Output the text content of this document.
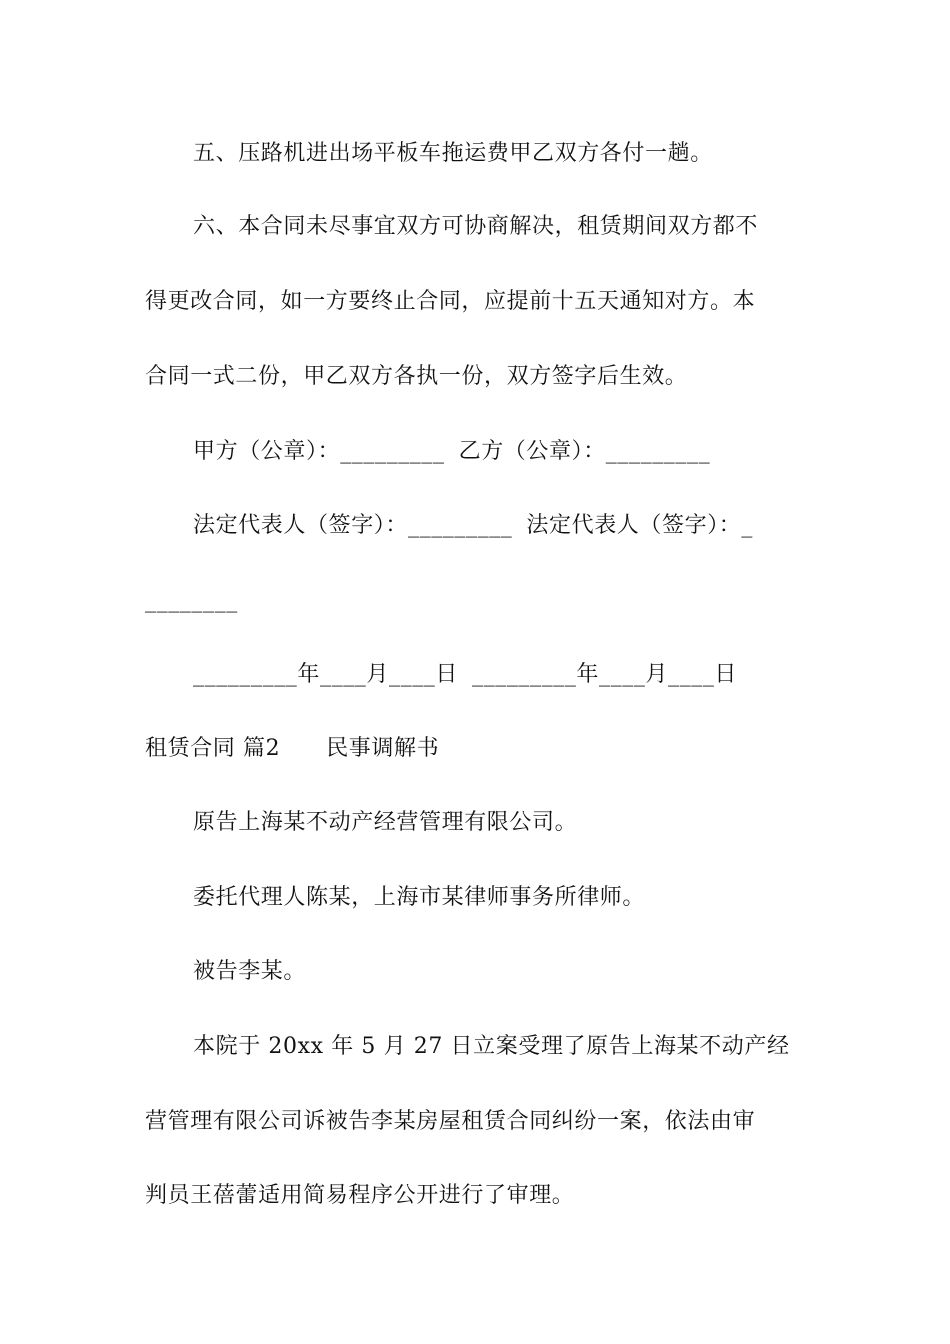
五、压路机进出场平板车拖运费甲乙双方各付一趟。
六、本合同未尽事宜双方可协商解决，租赁期间双方都不
得更改合同，如一方要终止合同，应提前十五天通知对方。本
合同一式二份，甲乙双方各执一份，双方签字后生效。
甲方（公章）：_________ 乙方（公章）：_________
法定代表人（签字）：_________ 法定代表人（签字）：_
________
_________年____月____日 _________年____月____日
租赁合同 篇2 民事调解书
原告上海某不动产经营管理有限公司。
委托代理人陈某，上海市某律师事务所律师。
被告李某。
本院于 20xx 年 5 月 27 日立案受理了原告上海某不动产经
营管理有限公司诉被告李某房屋租赁合同纠纷一案，依法由审
判员王蓓蕾适用简易程序公开进行了审理。
